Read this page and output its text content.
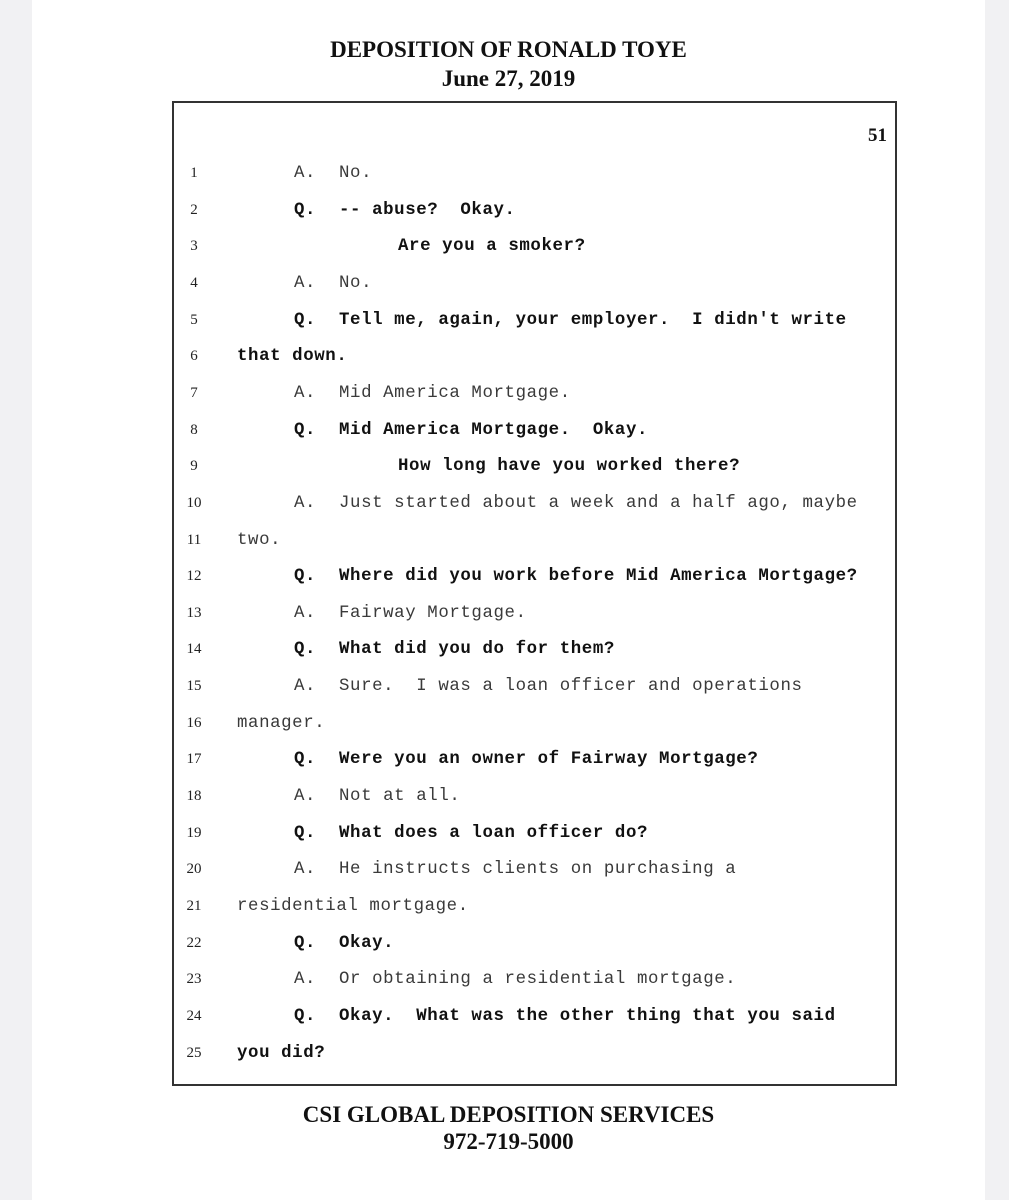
DEPOSITION OF RONALD TOYE
June 27, 2019
51
1	A. No.
2	Q. -- abuse?  Okay.
3	Are you a smoker?
4	A. No.
5	Q. Tell me, again, your employer.  I didn't write
6	that down.
7	A. Mid America Mortgage.
8	Q. Mid America Mortgage.  Okay.
9	How long have you worked there?
10	A. Just started about a week and a half ago, maybe
11 two.
12	Q. Where did you work before Mid America Mortgage?
13	A. Fairway Mortgage.
14	Q. What did you do for them?
15	A. Sure.  I was a loan officer and operations
16 manager.
17	Q. Were you an owner of Fairway Mortgage?
18	A. Not at all.
19	Q. What does a loan officer do?
20	A. He instructs clients on purchasing a
21 residential mortgage.
22	Q. Okay.
23	A. Or obtaining a residential mortgage.
24	Q. Okay.  What was the other thing that you said
25 you did?
CSI GLOBAL DEPOSITION SERVICES
972-719-5000
